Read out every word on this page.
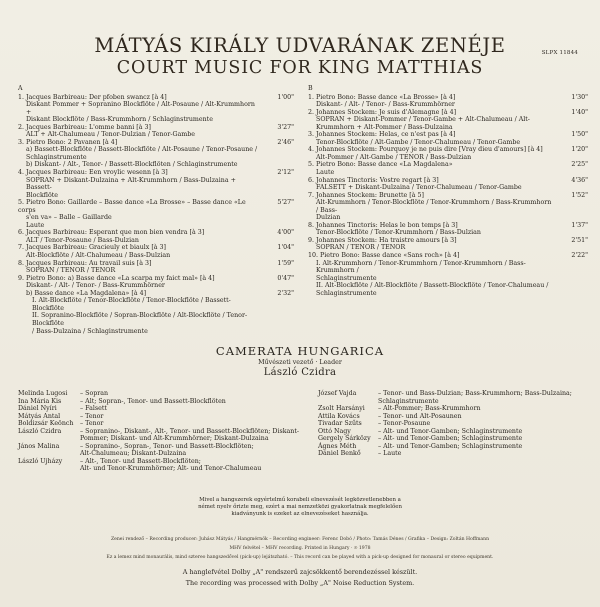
SLPX 11844
MÁTYÁS KIRÁLY UDVARÁNAK ZENÉJE
COURT MUSIC FOR KING MATTHIAS
A
1. Jacques Barbireau: Der pfoben swancz [à 4]	1'00"
Diskant Pommer + Sopranino Blockflöte / Alt-Posaune / Alt-Krummhorn +
Diskant Blockflöte / Bass-Krummhorn / Schlaginstrumente
2. Jacques Barbireau: L'omme banni [à 3]	3'27"
ALT + Alt-Chalumeau / Tenor-Dulzian / Tenor-Gambe
3. Pietro Bono: 2 Pavanen [à 4]	2'46"
a) Bassett-Blockflöte / Bassett-Blockflöte / Alt-Posaune / Tenor-Posaune /
Schlaginstrumente
b) Diskant- / Alt-, Tenor- / Bassett-Blockflöten / Schlaginstrumente
4. Jacques Barbireau: Een vroylic wesenn [à 3]	2'12"
SOPRAN + Diskant-Dulzaina + Alt-Krummhorn / Bass-Dulzaina + Bassett-
Blockflöte
5. Pietro Bono: Gaillarde – Basse dance «La Brosse» – Basse dance «Le corps
5'27"
s'en va» – Balle – Gaillarde
Laute
6. Jacques Barbireau: Esperant que mon bien vendra [à 3]	4'00"
ALT / Tenor-Posaune / Bass-Dulzian
7. Jacques Barbireau: Gracieuly et biaulx [à 3]	1'04"
Alt-Blockflöte / Alt-Chalumeau / Bass-Dulzian
8. Jacques Barbireau: Au travail suis [à 3]	1'59"
SOPRAN / TENOR / TENOR
9. Pietro Bono: a) Basse dance «La scarpa my faict mal» [à 4]	0'47"
Diskant- / Alt- / Tenor- / Bass-Krummhörner
b) Basse dance «La Magdalena» [à 4]	2'32"
I. Alt-Blockflöte / Tenor-Blockflöte / Tenor-Blockflöte / Bassett-Blockflöte
II. Sopranino-Blockflöte / Sopran-Blockflöte / Alt-Blockflöte / Tenor-Blockflöte
/ Bass-Dulzaina / Schlaginstrumente
B
1. Pietro Bono: Basse dance «La Brosse» [à 4]	1'30"
Diskant- / Alt- / Tenor- / Bass-Krummhörner
2. Johannes Stockem: Je suis d'Alemagne [à 4]	1'40"
SOPRAN + Diskant-Pommer / Tenor-Gambe + Alt-Chalumeau / Alt-
Krummhorn + Alt-Pommer / Bass-Dulzaina
3. Johannes Stockem: Helas, ce n'est pas [à 4]	1'50"
Tenor-Blockflöte / Alt-Gambe / Tenor-Chalumeau / Tenor-Gambe
4. Johannes Stockem: Pourquoy je ne puis dire [Vray dieu d'amours] [à 4]	1'20"
Alt-Pommer / Alt-Gambe / TENOR / Bass-Dulzian
5. Pietro Bono: Basse dance «La Magdalena»	2'25"
Laute
6. Johannes Tinctoris: Vostre regart [à 3]	4'36"
FALSETT + Diskant-Dulzaina / Tenor-Chalumeau / Tenor-Gambe
7. Johannes Stockem: Brunette [à 5]	1'52"
Alt-Krummhorn / Tenor-Blockflöte / Tenor-Krummhorn / Bass-Krummhorn / Bass-
Dulzian
8. Johannes Tinctoris: Helas le bon temps [à 3]	1'37"
Tenor-Blockflöte / Tenor-Krummhorn / Bass-Dulzian
9. Johannes Stockem: Ha traistre amours [à 3]	2'51"
SOPRAN / TENOR / TENOR
10. Pietro Bono: Basse dance «Sans roch» [à 4]	2'22"
I. Alt-Krummhorn / Tenor-Krummhorn / Tenor-Krummhorn / Bass-Krummhorn /
Schlaginstrumente
II. Alt-Blockflöte / Alt-Blockflöte / Bassett-Blockflöte / Tenor-Chalumeau /
Schlaginstrumente
CAMERATA HUNGARICA
Művészeti vezető · Leader
László Czidra
Melinda Lugosi	– Sopran
Ina Mária Kis	– Alt; Sopran-, Tenor- und Bassett-Blockflöten
Dániel Nyíri	– Falsett
Mátyás Antal	– Tenor
Boldizsár Keönch	– Tenor
László Czidra	– Sopranino-, Diskant-, Alt-, Tenor- und Bassett-Blockflöten; Diskant-
Pommer; Diskant- und Alt-Krummhörner; Diskant-Dulzaina
János Malina	– Sopranino-, Sopran-, Tenor- und Bassett-Blockflöten;
Alt-Chalumeau; Diskant-Dulzaina
László Ujházy	– Alt-, Tenor- und Bassett-Blockflöten;
Alt- und Tenor-Krummhörner; Alt- und Tenor-Chalumeau
József Vajda	– Tenor- und Bass-Dulzian; Bass-Krummhorn; Bass-Dulzaina;
Schlaginstrumente
Zsolt Harsányi	– Alt-Pommer; Bass-Krummhorn
Attila Kovács	– Tenor- und Alt-Posaunen
Tivadar Szűts	– Tenor-Posaune
Ottó Nagy	– Alt- und Tenor-Gamben; Schlaginstrumente
Gergely Sárközy	– Alt- und Tenor-Gamben; Schlaginstrumente
Ágnes Méth	– Alt- und Tenor-Gamben; Schlaginstrumente
Dániel Benkő	– Laute
Mivel a hangszerek egyértelmű korabeli elnevezését legközvetlenebben a
német nyelv őrizte meg, ezért a mai nemzetközi gyakorlatnak megfelelően
kiadványunk is ezeket az elnevezéseket használja.
Zenei rendező – Recording producer: Juhász Mátyás / Hangmérnök – Recording engineer: Ferenc Dobó / Photo: Tamás Dénes / Grafika – Design: Zoltán Hoffmann
MHV felvétel – MHV recording. Printed in Hungary · ℗ 1978
Ez a lemez mind monaurális, mind sztereo hangszedővel (pick-up) lejátszható. – This record can be played with a pick-up designed for monaural or stereo equipment.
A hanglefvétel Dolby „A" rendszerű zajcsökkentő berendezéssel készült.
The recording was processed with Dolby „A" Noise Reduction System.
